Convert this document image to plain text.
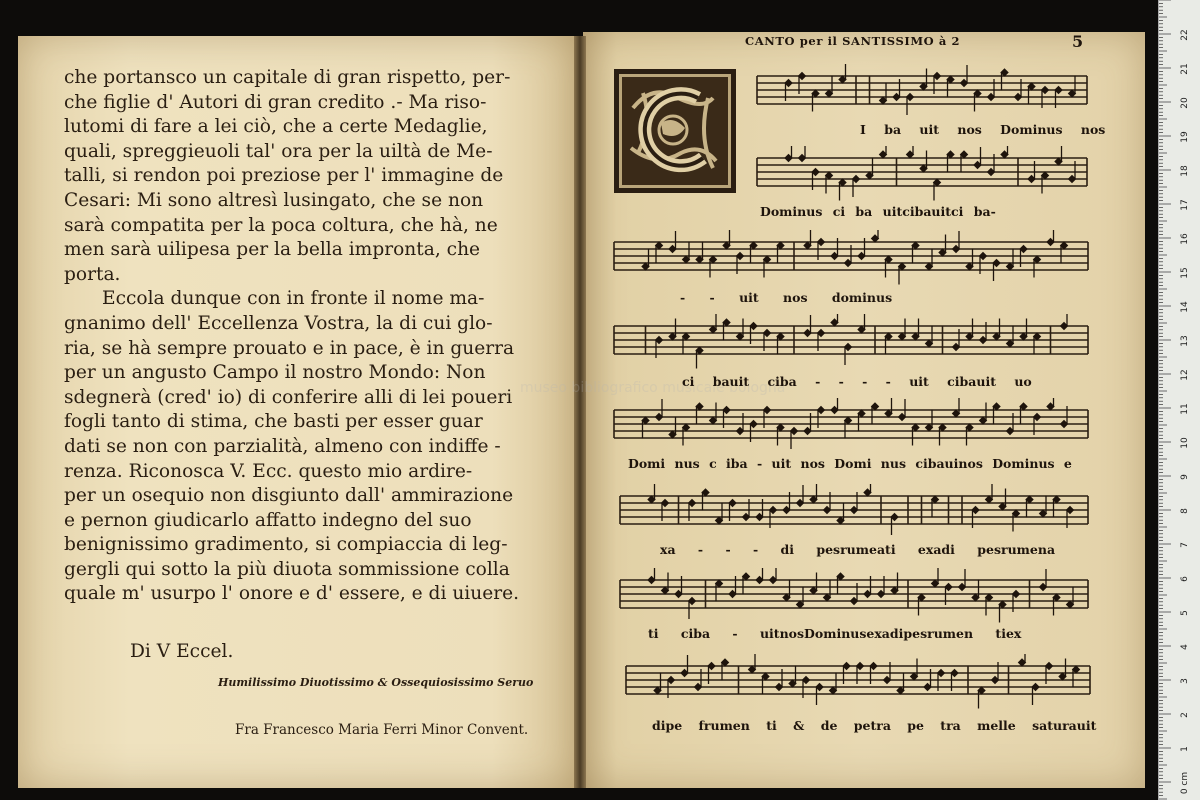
che portansco un capitale di gran rispetto, per-
che figlie d' Autori di gran credito .- Ma riso-
lutomi di fare a lei ciò, che a certe Medaglie,
quali, spreggieuoli tal' ora per la uiltà de Me-
talli, si rendon poi preziose per l' immagine de
Cesari: Mi sono altresì lusingato, che se non
sarà compatita per la poca coltura, che hà, ne
men sarà uilipesa per la bella impronta, che
porta.
Eccola dunque con in fronte il nome ma-
gnanimo dell' Eccellenza Vostra, la di cui glo-
ria, se hà sempre prouato e in pace, è in guerra
per un angusto Campo il nostro Mondo: Non
sdegnerà (cred' io) di conferire alli di lei poueri
fogli tanto di stima, che basti per esser guar
dati se non con parzialità, almeno con indiffe -
renza. Riconosca V. Ecc. questo mio ardire-
per un osequio non disgiunto dall' ammirazione
e pernon giudicarlo affatto indegno del suo
benignissimo gradimento, si compiaccia di leg-
gergli qui sotto la più diuota sommissione colla
quale m' usurpo l' onore e d' essere, e di uiuere.
Di V Eccel.
Humilissimo Diuotissimo & Ossequiosissimo Seruo
Fra Francesco Maria Ferri Minor Convent.
museo bibliografico musicale bologna
CANTO per il SANTISSIMO à 2	5
I ba uit nos Dominus nos
Dominus ci ba uitcibauitci ba-
- - uit nos dominus
ci bauit ciba - - - - uit cibauit uo
Domi nus c iba - uit nos Domi nus cibauinos Dominus e
xa - - - di pesrumeati exadi pesrumena
ti ciba - uitnosDominusexadipesrumen tiex
dipe frumen ti & de petra pe tra melle saturauit
22
21
20
19
18
17
16
15
14
13
12
11
10
9
8
7
6
5
4
3
2
1
0 cm
